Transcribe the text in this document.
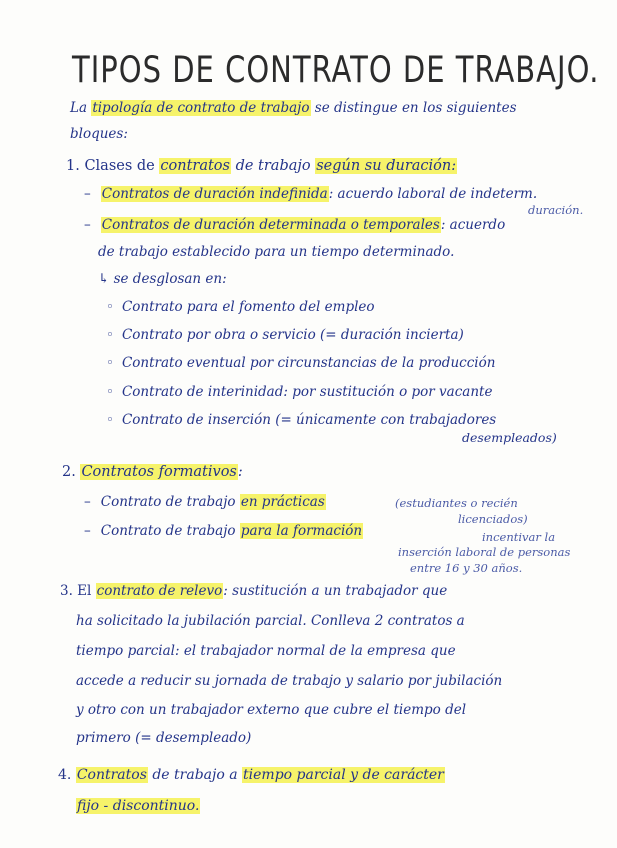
TIPOS DE CONTRATO DE TRABAJO.
La tipología de contrato de trabajo se distingue en los siguientes
bloques:
1. Clases de contratos de trabajo según su duración:
– Contratos de duración indefinida: acuerdo laboral de indeterm.
duración.
– Contratos de duración determinada o temporales: acuerdo
de trabajo establecido para un tiempo determinado.
↳ se desglosan en:
◦ Contrato para el fomento del empleo
◦ Contrato por obra o servicio (= duración incierta)
◦ Contrato eventual por circunstancias de la producción
◦ Contrato de interinidad: por sustitución o por vacante
◦ Contrato de inserción (= únicamente con trabajadores
desempleados)
2. Contratos formativos:
– Contrato de trabajo en prácticas	(estudiantes o recién
licenciados)
– Contrato de trabajo para la formación	incentivar la
inserción laboral de personas
entre 16 y 30 años.
3. El contrato de relevo: sustitución a un trabajador que
ha solicitado la jubilación parcial. Conlleva 2 contratos a
tiempo parcial: el trabajador normal de la empresa que
accede a reducir su jornada de trabajo y salario por jubilación
y otro con un trabajador externo que cubre el tiempo del
primero (= desempleado)
4. Contratos de trabajo a tiempo parcial y de carácter
fijo - discontinuo.
